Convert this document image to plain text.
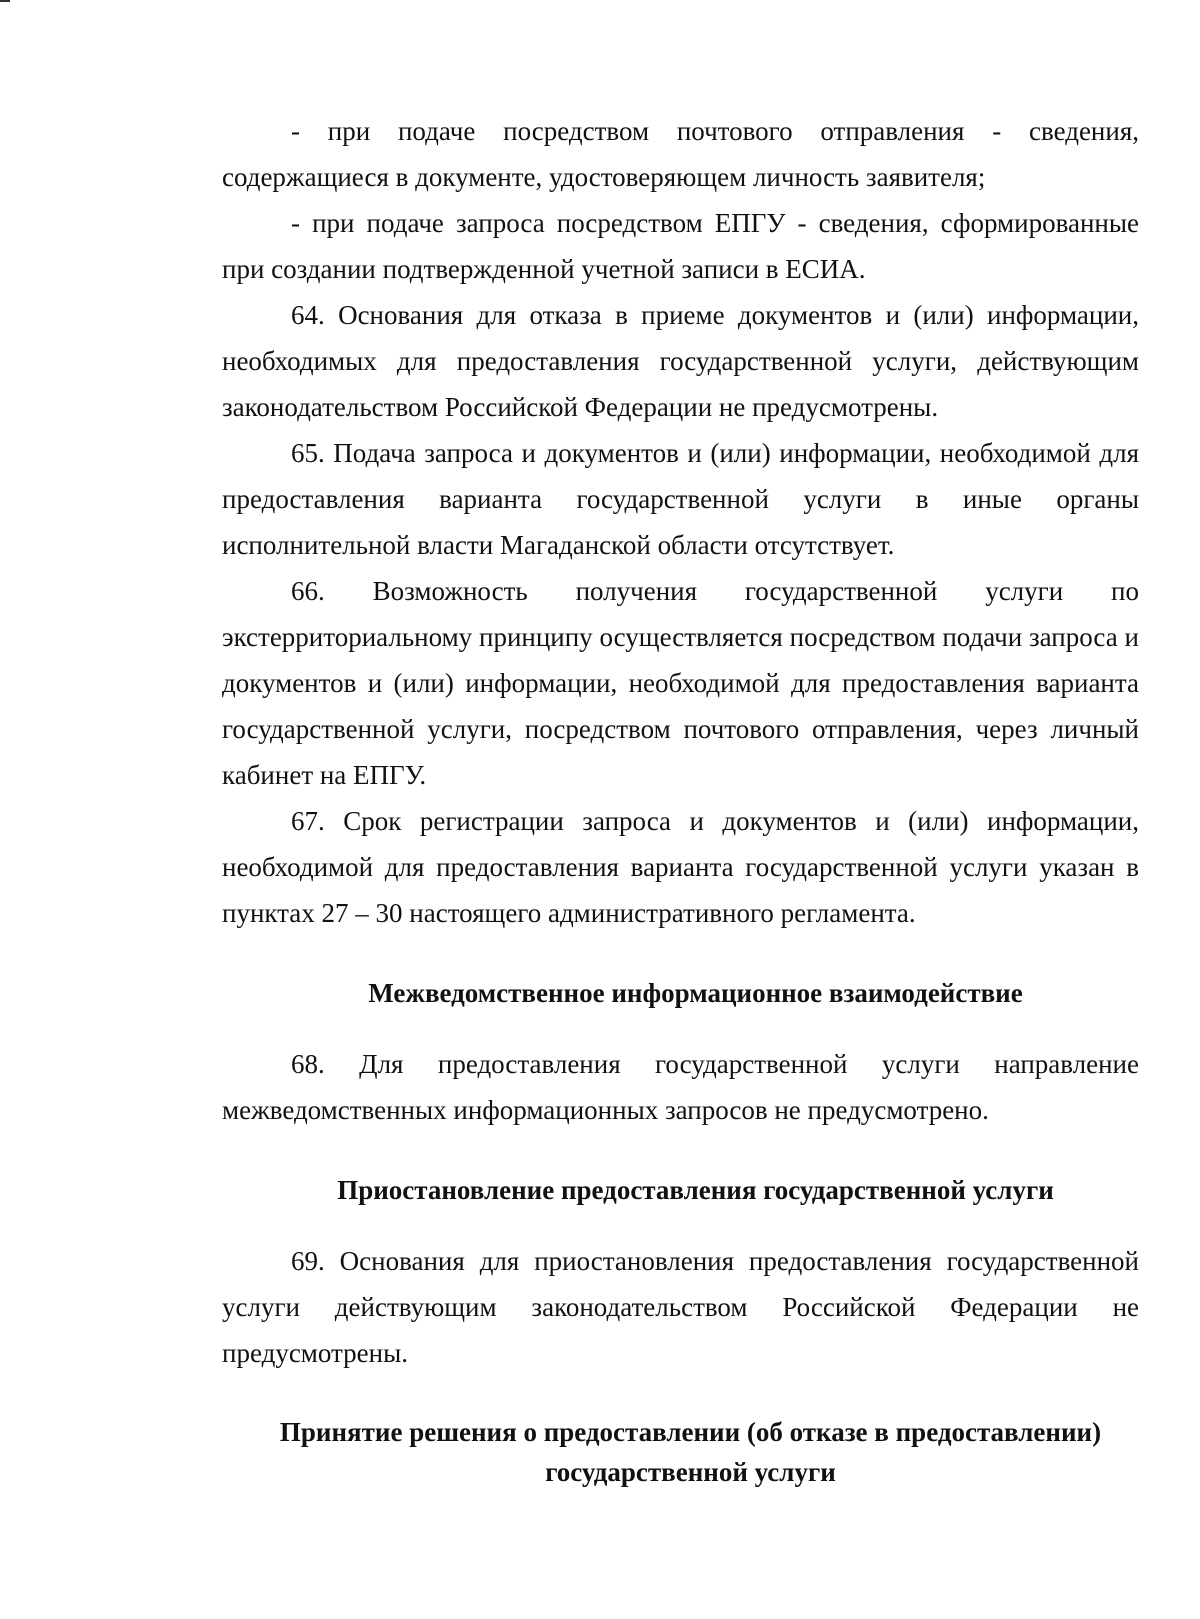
- при подаче посредством почтового отправления - сведения, содержащиеся в документе, удостоверяющем личность заявителя;

- при подаче запроса посредством ЕПГУ - сведения, сформированные при создании подтвержденной учетной записи в ЕСИА.

64. Основания для отказа в приеме документов и (или) информации, необходимых для предоставления государственной услуги, действующим законодательством Российской Федерации не предусмотрены.

65. Подача запроса и документов и (или) информации, необходимой для предоставления варианта государственной услуги в иные органы исполнительной власти Магаданской области отсутствует.

66. Возможность получения государственной услуги по экстерриториальному принципу осуществляется посредством подачи запроса и документов и (или) информации, необходимой для предоставления варианта государственной услуги, посредством почтового отправления, через личный кабинет на ЕПГУ.

67. Срок регистрации запроса и документов и (или) информации, необходимой для предоставления варианта государственной услуги указан в пунктах 27 – 30 настоящего административного регламента.

Межведомственное информационное взаимодействие

68. Для предоставления государственной услуги направление межведомственных информационных запросов не предусмотрено.

Приостановление предоставления государственной услуги

69. Основания для приостановления предоставления государственной услуги действующим законодательством Российской Федерации не предусмотрены.

Принятие решения о предоставлении (об отказе в предоставлении)
государственной услуги
